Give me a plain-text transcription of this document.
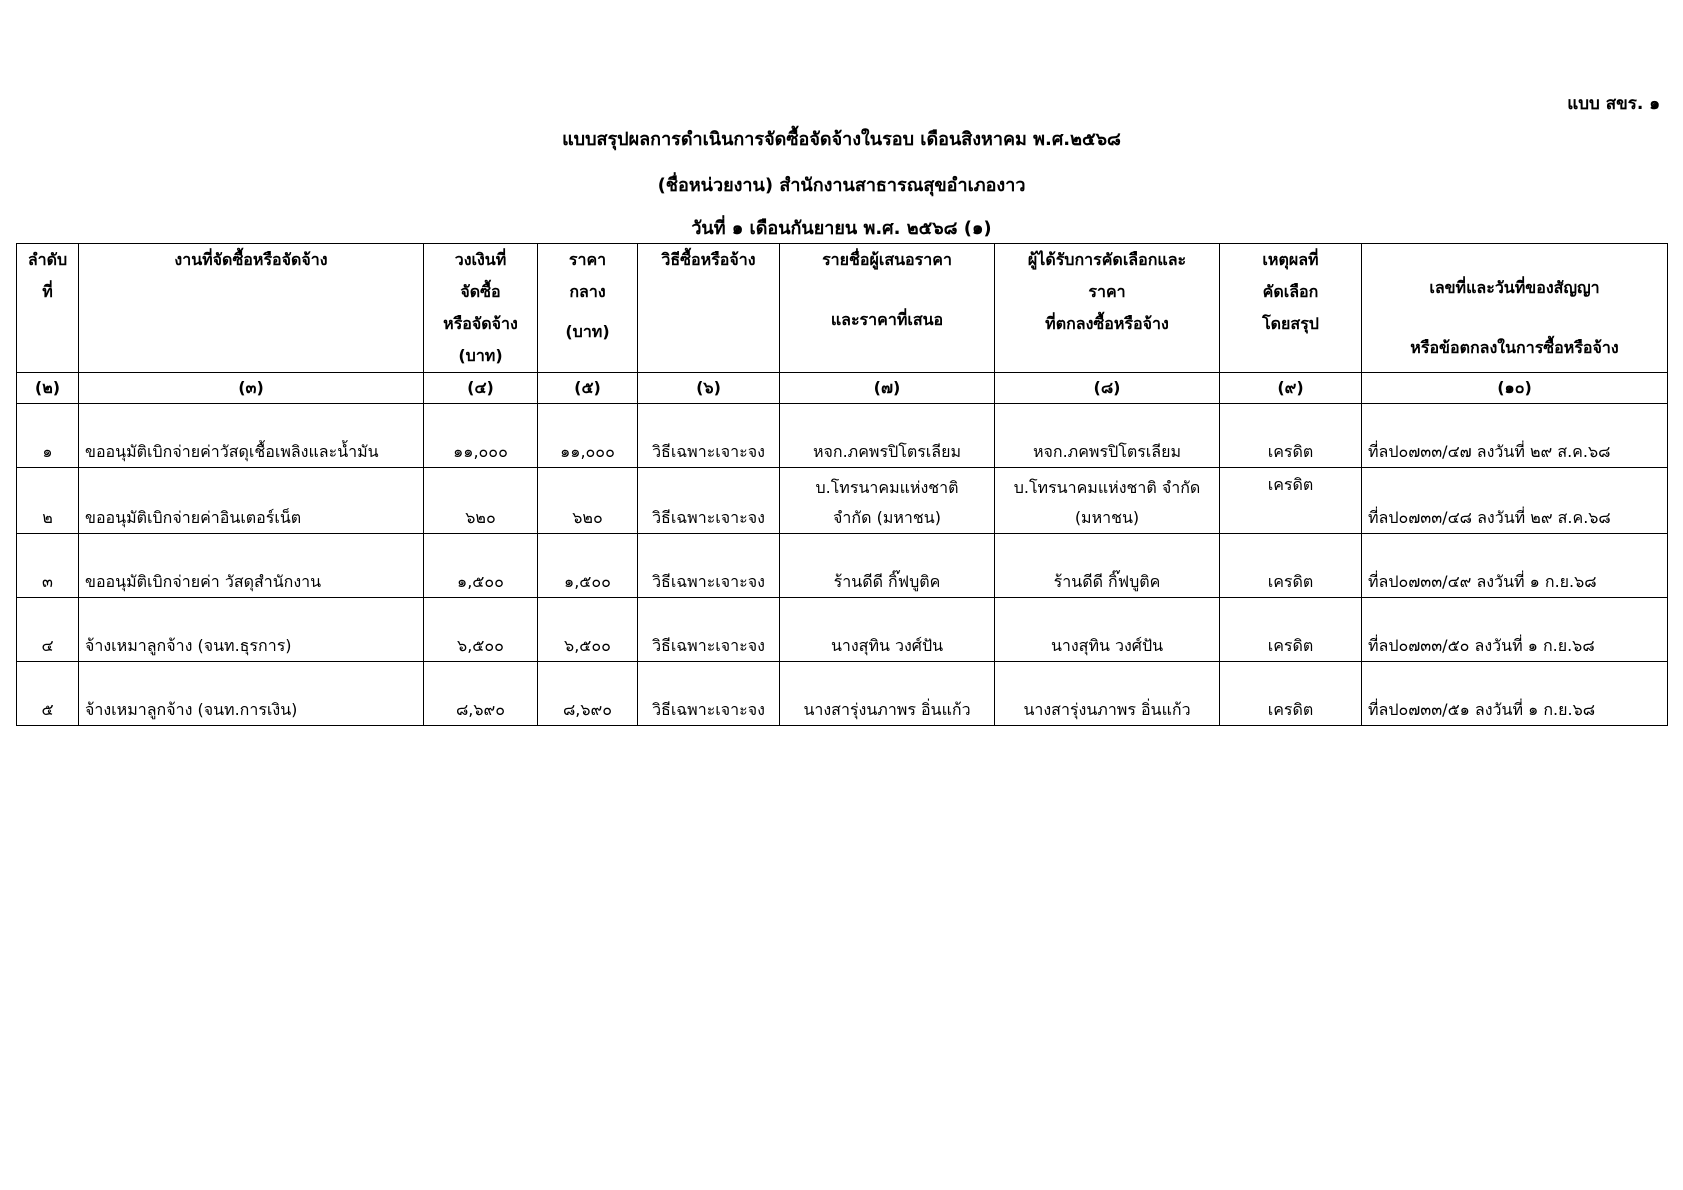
แบบ สขร. ๑
แบบสรุปผลการดำเนินการจัดซื้อจัดจ้างในรอบ เดือนสิงหาคม พ.ศ.๒๕๖๘
(ชื่อหน่วยงาน) สำนักงานสาธารณสุขอำเภองาว
วันที่ ๑ เดือนกันยายน พ.ศ. ๒๕๖๘ (๑)
ลำดับ
ที่	งานที่จัดซื้อหรือจัดจ้าง	วงเงินที่
จัดซื้อ
หรือจัดจ้าง
(บาท)	ราคา
กลาง
(บาท)	วิธีซื้อหรือจ้าง	รายชื่อผู้เสนอราคา
และราคาที่เสนอ	ผู้ได้รับการคัดเลือกและ
ราคา
ที่ตกลงซื้อหรือจ้าง	เหตุผลที่
คัดเลือก
โดยสรุป	เลขที่และวันที่ของสัญญา
หรือข้อตกลงในการซื้อหรือจ้าง

(๒)	(๓)	(๔)	(๕)	(๖)	(๗)	(๘)	(๙)	(๑๐)
๑	ขออนุมัติเบิกจ่ายค่าวัสดุเชื้อเพลิงและน้ำมัน	๑๑,๐๐๐	๑๑,๐๐๐	วิธีเฉพาะเจาะจง	หจก.ภคพรปิโตรเลียม	หจก.ภคพรปิโตรเลียม	เครดิต	ที่ลป๐๗๓๓/๔๗ ลงวันที่ ๒๙ ส.ค.๖๘
๒	ขออนุมัติเบิกจ่ายค่าอินเตอร์เน็ต	๖๒๐	๖๒๐	วิธีเฉพาะเจาะจง	บ.โทรนาคมแห่งชาติ
จำกัด (มหาชน)	บ.โทรนาคมแห่งชาติ จำกัด
(มหาชน)	เครดิต	ที่ลป๐๗๓๓/๔๘ ลงวันที่ ๒๙ ส.ค.๖๘
๓	ขออนุมัติเบิกจ่ายค่า วัสดุสำนักงาน	๑,๕๐๐	๑,๕๐๐	วิธีเฉพาะเจาะจง	ร้านดีดี กิ๊ฟบูติค	ร้านดีดี กิ๊ฟบูติค	เครดิต	ที่ลป๐๗๓๓/๔๙ ลงวันที่ ๑ ก.ย.๖๘
๔	จ้างเหมาลูกจ้าง (จนท.ธุรการ)	๖,๕๐๐	๖,๕๐๐	วิธีเฉพาะเจาะจง	นางสุทิน วงศ์ปัน	นางสุทิน วงศ์ปัน	เครดิต	ที่ลป๐๗๓๓/๕๐ ลงวันที่ ๑ ก.ย.๖๘
๕	จ้างเหมาลูกจ้าง (จนท.การเงิน)	๘,๖๙๐	๘,๖๙๐	วิธีเฉพาะเจาะจง	นางสารุ่งนภาพร อิ่นแก้ว	นางสารุ่งนภาพร อิ่นแก้ว	เครดิต	ที่ลป๐๗๓๓/๕๑ ลงวันที่ ๑ ก.ย.๖๘
